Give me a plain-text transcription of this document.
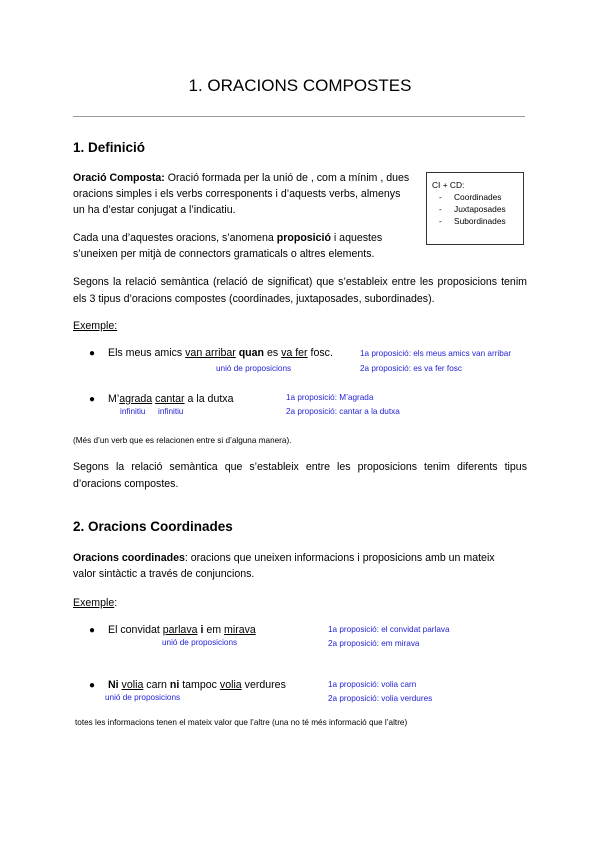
1. ORACIONS COMPOSTES
1. Definició
Oració Composta: Oració formada per la unió de , com a mínim , dues
oracions simples i els verbs corresponents i d’aquests verbs, almenys
un ha d’estar conjugat a l’indicatiu.
CI + CD:
- Coordinades
- Juxtaposades
- Subordinades
Cada una d’aquestes oracions, s’anomena proposició i aquestes
s’uneixen per mitjà de connectors gramaticals o altres elements.
Segons la relació semàntica (relació de significat) que s’estableix entre les proposicions tenim els 3 tipus d’oracions compostes (coordinades, juxtaposades, subordinades).
Exemple:
● Els meus amics van arribar quan es va fer fosc.
unió de proposicions
1a proposició: els meus amics van arribar
2a proposició: es va fer fosc
● M’agrada cantar a la dutxa
infinitiu infinitiu
1a proposició: M’agrada
2a proposició: cantar a la dutxa
(Més d’un verb que es relacionen entre si d’alguna manera).
Segons la relació semàntica que s’estableix entre les proposicions tenim diferents tipus d’oracions compostes.
2. Oracions Coordinades
Oracions coordinades: oracions que uneixen informacions i proposicions amb un mateix
valor sintàctic a través de conjuncions.
Exemple:
● El convidat parlava i em mirava
unió de proposicions
1a proposició: el convidat parlava
2a proposició: em mirava
● Ni volia carn ni tampoc volia verdures
unió de proposicions
1a proposició: volia carn
2a proposició: volia verdures
totes les informacions tenen el mateix valor que l’altre (una no té més informació que l’altre)
